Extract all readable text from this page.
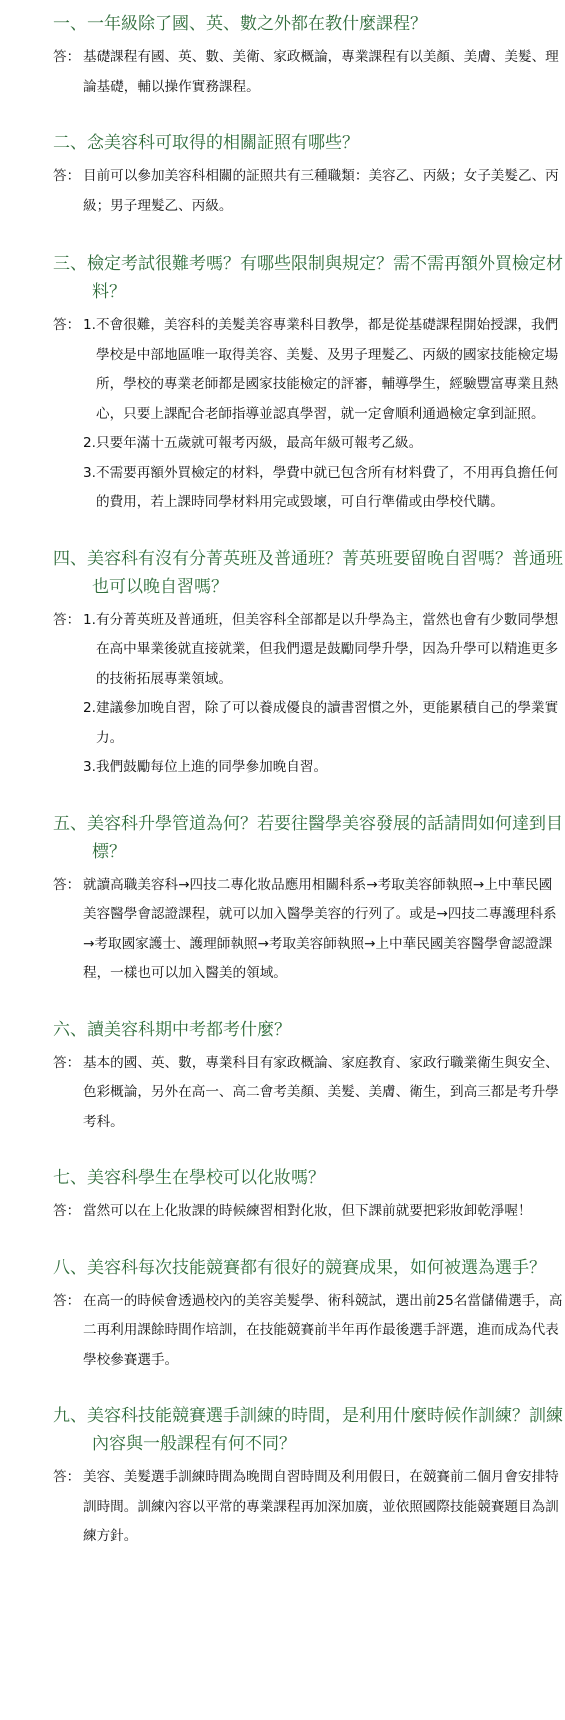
一、一年級除了國、英、數之外都在教什麼課程？
答： 基礎課程有國、英、數、美衛、家政概論，專業課程有以美顏、美膚、美髮、理論基礎，輔以操作實務課程。

二、念美容科可取得的相關証照有哪些？
答： 目前可以參加美容科相關的証照共有三種職類：美容乙、丙級；女子美髮乙、丙級；男子理髮乙、丙級。

三、檢定考試很難考嗎？有哪些限制與規定？需不需再額外買檢定材料？
答： 1. 不會很難，美容科的美髮美容專業科目教學，都是從基礎課程開始授課，我們學校是中部地區唯一取得美容、美髮、及男子理髮乙、丙級的國家技能檢定場所，學校的專業老師都是國家技能檢定的評審，輔導學生，經驗豐富專業且熱心，只要上課配合老師指導並認真學習，就一定會順利通過檢定拿到証照。
2. 只要年滿十五歲就可報考丙級，最高年級可報考乙級。
3. 不需要再額外買檢定的材料，學費中就已包含所有材料費了，不用再負擔任何的費用，若上課時同學材料用完或毀壞，可自行準備或由學校代購。
四、美容科有沒有分菁英班及普通班？菁英班要留晚自習嗎？普通班也可以晚自習嗎？
答： 1. 有分菁英班及普通班，但美容科全部都是以升學為主，當然也會有少數同學想在高中畢業後就直接就業，但我們還是鼓勵同學升學，因為升學可以精進更多的技術拓展專業領域。
2. 建議參加晚自習，除了可以養成優良的讀書習慣之外，更能累積自己的學業實力。
3. 我們鼓勵每位上進的同學參加晚自習。
五、美容科升學管道為何？若要往醫學美容發展的話請問如何達到目標？
答： 就讀高職美容科→四技二專化妝品應用相關科系→考取美容師執照→上中華民國美容醫學會認證課程，就可以加入醫學美容的行列了。或是→四技二專護理科系→考取國家護士、護理師執照→考取美容師執照→上中華民國美容醫學會認證課程，一樣也可以加入醫美的領域。

六、讀美容科期中考都考什麼？
答： 基本的國、英、數，專業科目有家政概論、家庭教育、家政行職業衛生與安全、色彩概論，另外在高一、高二會考美顏、美髮、美膚、衛生，到高三都是考升學考科。

七、美容科學生在學校可以化妝嗎？
答： 當然可以在上化妝課的時候練習相對化妝，但下課前就要把彩妝卸乾淨喔！

八、美容科每次技能競賽都有很好的競賽成果，如何被選為選手？
答： 在高一的時候會透過校內的美容美髮學、術科競試，選出前25名當儲備選手，高二再利用課餘時間作培訓，在技能競賽前半年再作最後選手評選，進而成為代表學校參賽選手。

九、美容科技能競賽選手訓練的時間，是利用什麼時候作訓練？訓練內容與一般課程有何不同？
答： 美容、美髮選手訓練時間為晚間自習時間及利用假日，在競賽前二個月會安排特訓時間。訓練內容以平常的專業課程再加深加廣，並依照國際技能競賽題目為訓練方針。
